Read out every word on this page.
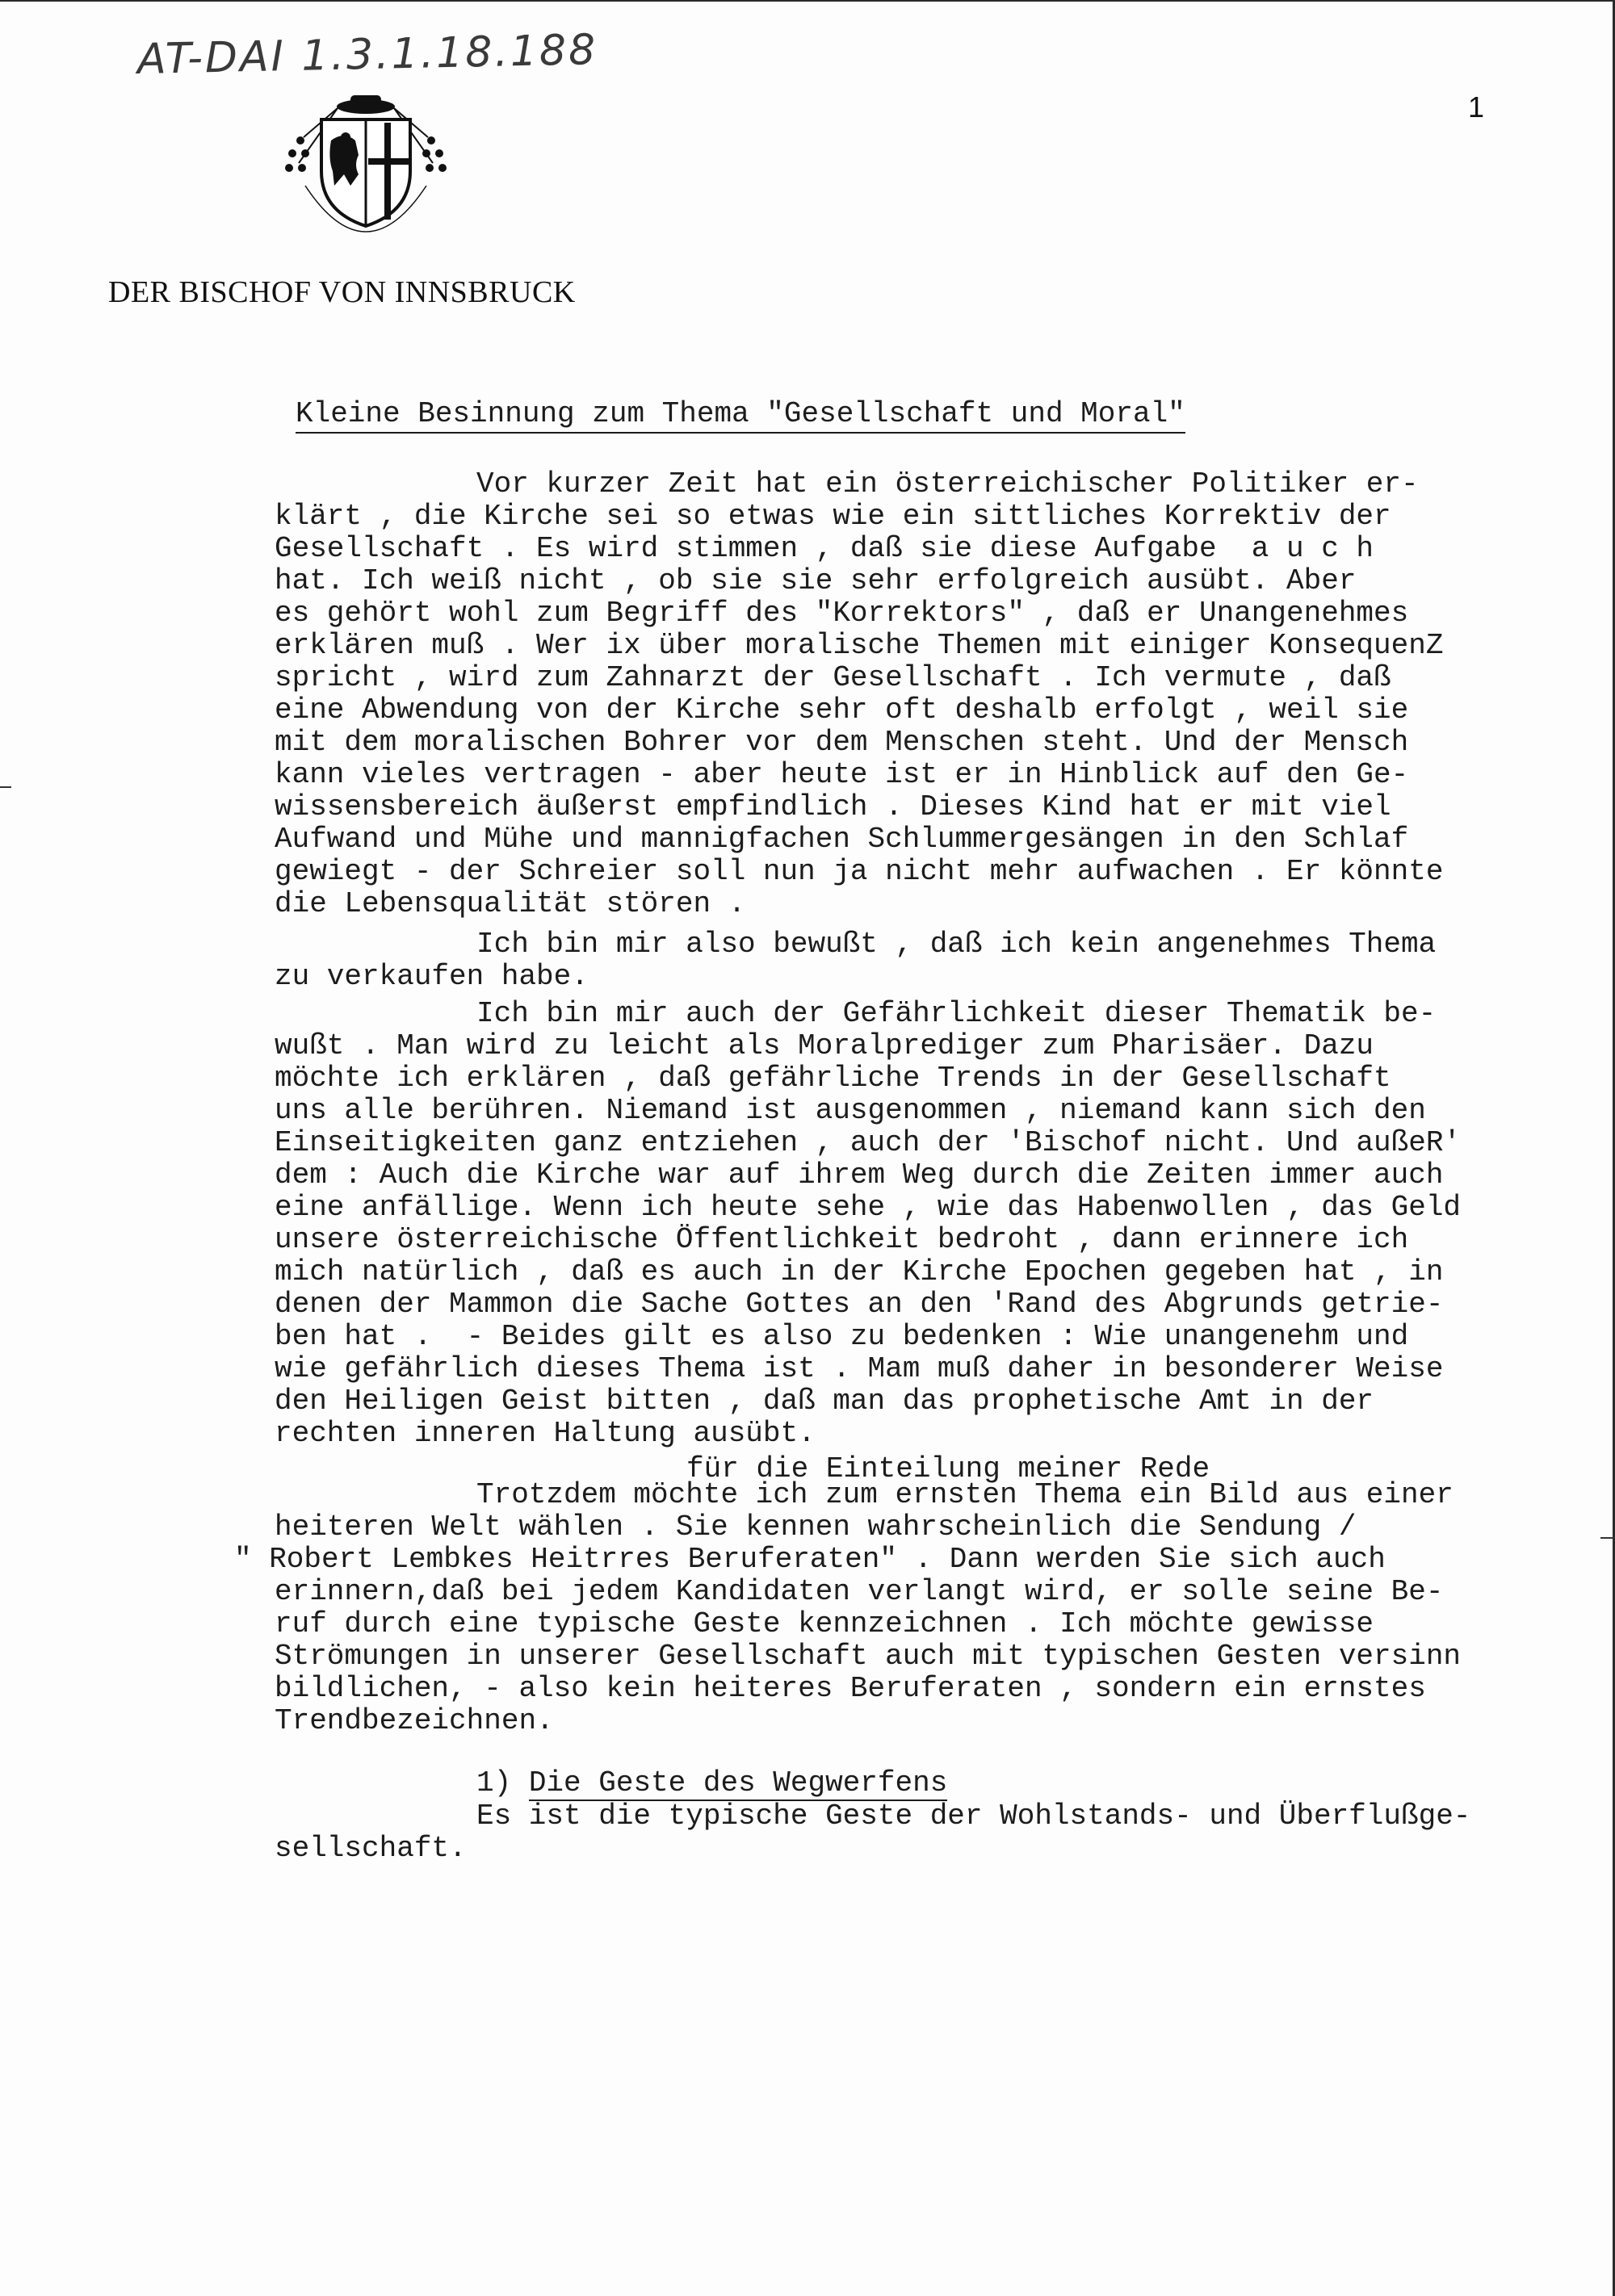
AT-DAI 1.3.1.18.188
1
DER BISCHOF VON INNSBRUCK
Kleine Besinnung zum Thema "Gesellschaft und Moral"
Vor kurzer Zeit hat ein österreichischer Politiker er-
klärt , die Kirche sei so etwas wie ein sittliches Korrektiv der
Gesellschaft . Es wird stimmen , daß sie diese Aufgabe  a u c h
hat. Ich weiß nicht , ob sie sie sehr erfolgreich ausübt. Aber
es gehört wohl zum Begriff des "Korrektors" , daß er Unangenehmes
erklären muß . Wer ix über moralische Themen mit einiger KonsequenZ
spricht , wird zum Zahnarzt der Gesellschaft . Ich vermute , daß
eine Abwendung von der Kirche sehr oft deshalb erfolgt , weil sie
mit dem moralischen Bohrer vor dem Menschen steht. Und der Mensch
kann vieles vertragen - aber heute ist er in Hinblick auf den Ge-
wissensbereich äußerst empfindlich . Dieses Kind hat er mit viel
Aufwand und Mühe und mannigfachen Schlummergesängen in den Schlaf
gewiegt - der Schreier soll nun ja nicht mehr aufwachen . Er könnte
die Lebensqualität stören .
Ich bin mir also bewußt , daß ich kein angenehmes Thema
zu verkaufen habe.
Ich bin mir auch der Gefährlichkeit dieser Thematik be-
wußt . Man wird zu leicht als Moralprediger zum Pharisäer. Dazu
möchte ich erklären , daß gefährliche Trends in der Gesellschaft
uns alle berühren. Niemand ist ausgenommen , niemand kann sich den
Einseitigkeiten ganz entziehen , auch der 'Bischof nicht. Und außeR'
dem : Auch die Kirche war auf ihrem Weg durch die Zeiten immer auch
eine anfällige. Wenn ich heute sehe , wie das Habenwollen , das Geld
unsere österreichische Öffentlichkeit bedroht , dann erinnere ich
mich natürlich , daß es auch in der Kirche Epochen gegeben hat , in
denen der Mammon die Sache Gottes an den 'Rand des Abgrunds getrie-
ben hat .  - Beides gilt es also zu bedenken : Wie unangenehm und
wie gefährlich dieses Thema ist . Mam muß daher in besonderer Weise
den Heiligen Geist bitten , daß man das prophetische Amt in der
rechten inneren Haltung ausübt.
für die Einteilung meiner Rede
Trotzdem möchte ich zum ernsten Thema ein Bild aus einer
heiteren Welt wählen . Sie kennen wahrscheinlich die Sendung /
" Robert Lembkes Heitrres Beruferaten" . Dann werden Sie sich auch
erinnern,daß bei jedem Kandidaten verlangt wird, er solle seine Be-
ruf durch eine typische Geste kennzeichnen . Ich möchte gewisse
Strömungen in unserer Gesellschaft auch mit typischen Gesten versinn
bildlichen, - also kein heiteres Beruferaten , sondern ein ernstes
Trendbezeichnen.
1) Die Geste des Wegwerfens
Es ist die typische Geste der Wohlstands- und Überflußge-
sellschaft.
